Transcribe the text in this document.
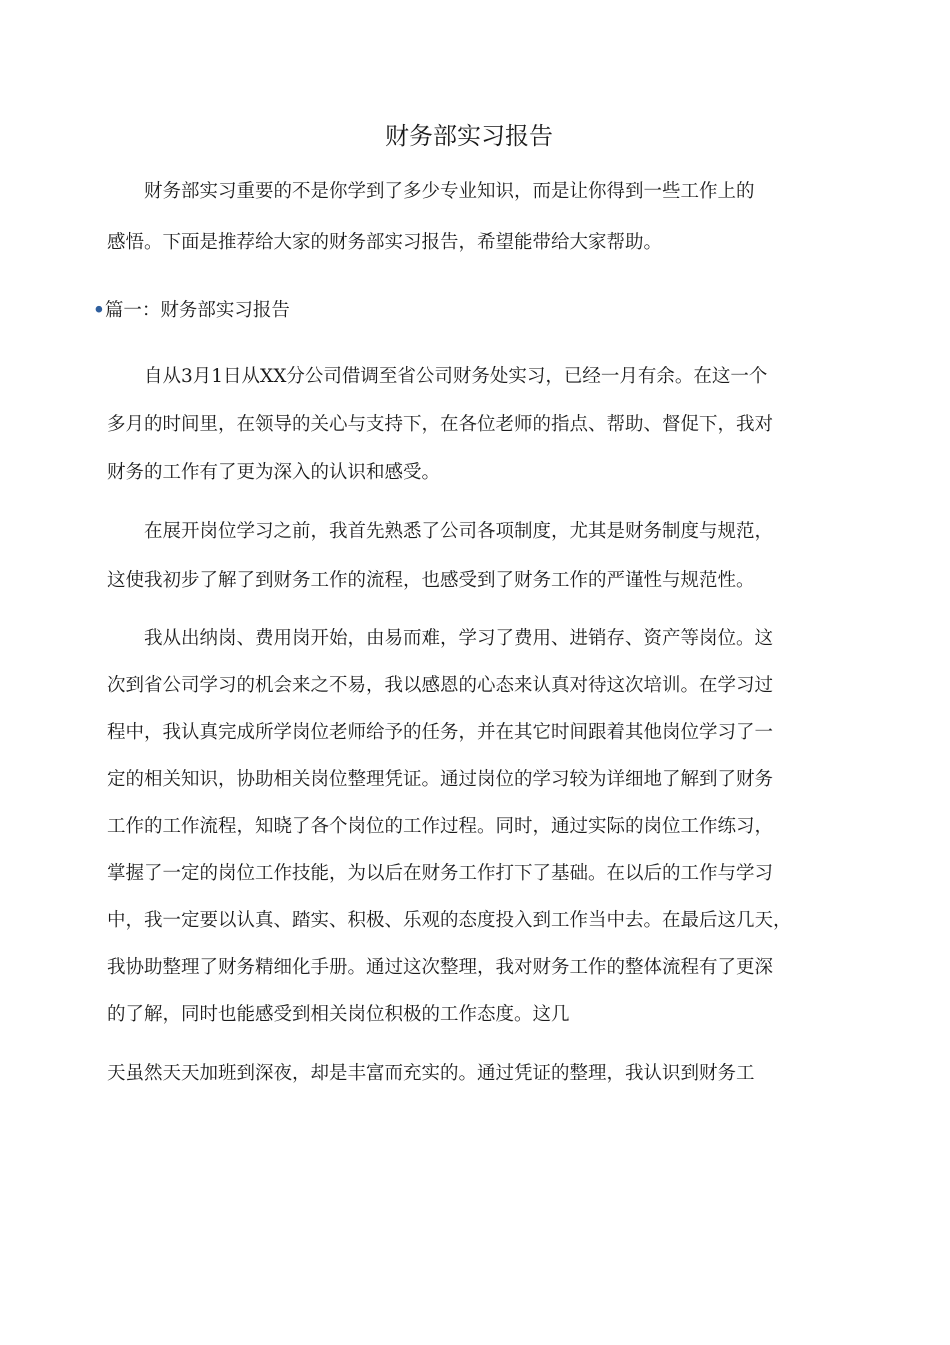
财务部实习报告

　　财务部实习重要的不是你学到了多少专业知识，而是让你得到一些工作上的

感悟。下面是推荐给大家的财务部实习报告，希望能带给大家帮助。

•篇一：财务部实习报告

　　自从3月1日从XX分公司借调至省公司财务处实习，已经一月有余。在这一个

多月的时间里，在领导的关心与支持下，在各位老师的指点、帮助、督促下，我对

财务的工作有了更为深入的认识和感受。

　　在展开岗位学习之前，我首先熟悉了公司各项制度，尤其是财务制度与规范，

这使我初步了解了到财务工作的流程，也感受到了财务工作的严谨性与规范性。

　　我从出纳岗、费用岗开始，由易而难，学习了费用、进销存、资产等岗位。这

次到省公司学习的机会来之不易，我以感恩的心态来认真对待这次培训。在学习过

程中，我认真完成所学岗位老师给予的任务，并在其它时间跟着其他岗位学习了一

定的相关知识，协助相关岗位整理凭证。通过岗位的学习较为详细地了解到了财务

工作的工作流程，知晓了各个岗位的工作过程。同时，通过实际的岗位工作练习，

掌握了一定的岗位工作技能，为以后在财务工作打下了基础。在以后的工作与学习

中，我一定要以认真、踏实、积极、乐观的态度投入到工作当中去。在最后这几天，

我协助整理了财务精细化手册。通过这次整理，我对财务工作的整体流程有了更深

的了解，同时也能感受到相关岗位积极的工作态度。这几

天虽然天天加班到深夜，却是丰富而充实的。通过凭证的整理，我认识到财务工
